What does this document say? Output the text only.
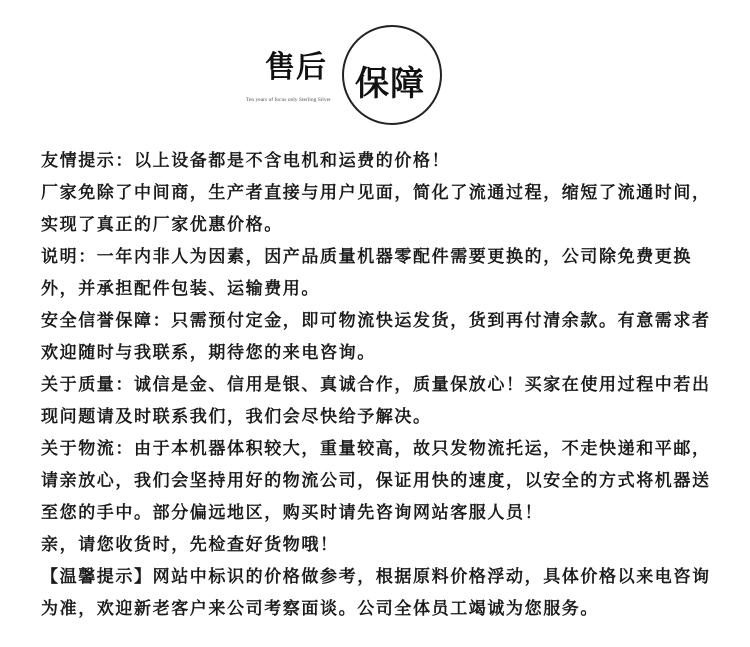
售后 保障
Ten years of focus only Sterling Silver

友情提示：以上设备都是不含电机和运费的价格！

厂家免除了中间商，生产者直接与用户见面，简化了流通过程，缩短了流通时间，实现了真正的厂家优惠价格。

说明：一年内非人为因素，因产品质量机器零配件需要更换的，公司除免费更换外，并承担配件包装、运输费用。

安全信誉保障：只需预付定金，即可物流快运发货，货到再付清余款。有意需求者欢迎随时与我联系，期待您的来电咨询。

关于质量：诚信是金、信用是银、真诚合作，质量保放心！买家在使用过程中若出现问题请及时联系我们，我们会尽快给予解决。

关于物流：由于本机器体积较大，重量较高，故只发物流托运，不走快递和平邮，请亲放心，我们会坚持用好的物流公司，保证用快的速度，以安全的方式将机器送至您的手中。部分偏远地区，购买时请先咨询网站客服人员！

亲，请您收货时，先检查好货物哦！

【温馨提示】网站中标识的价格做参考，根据原料价格浮动，具体价格以来电咨询为准，欢迎新老客户来公司考察面谈。公司全体员工竭诚为您服务。
